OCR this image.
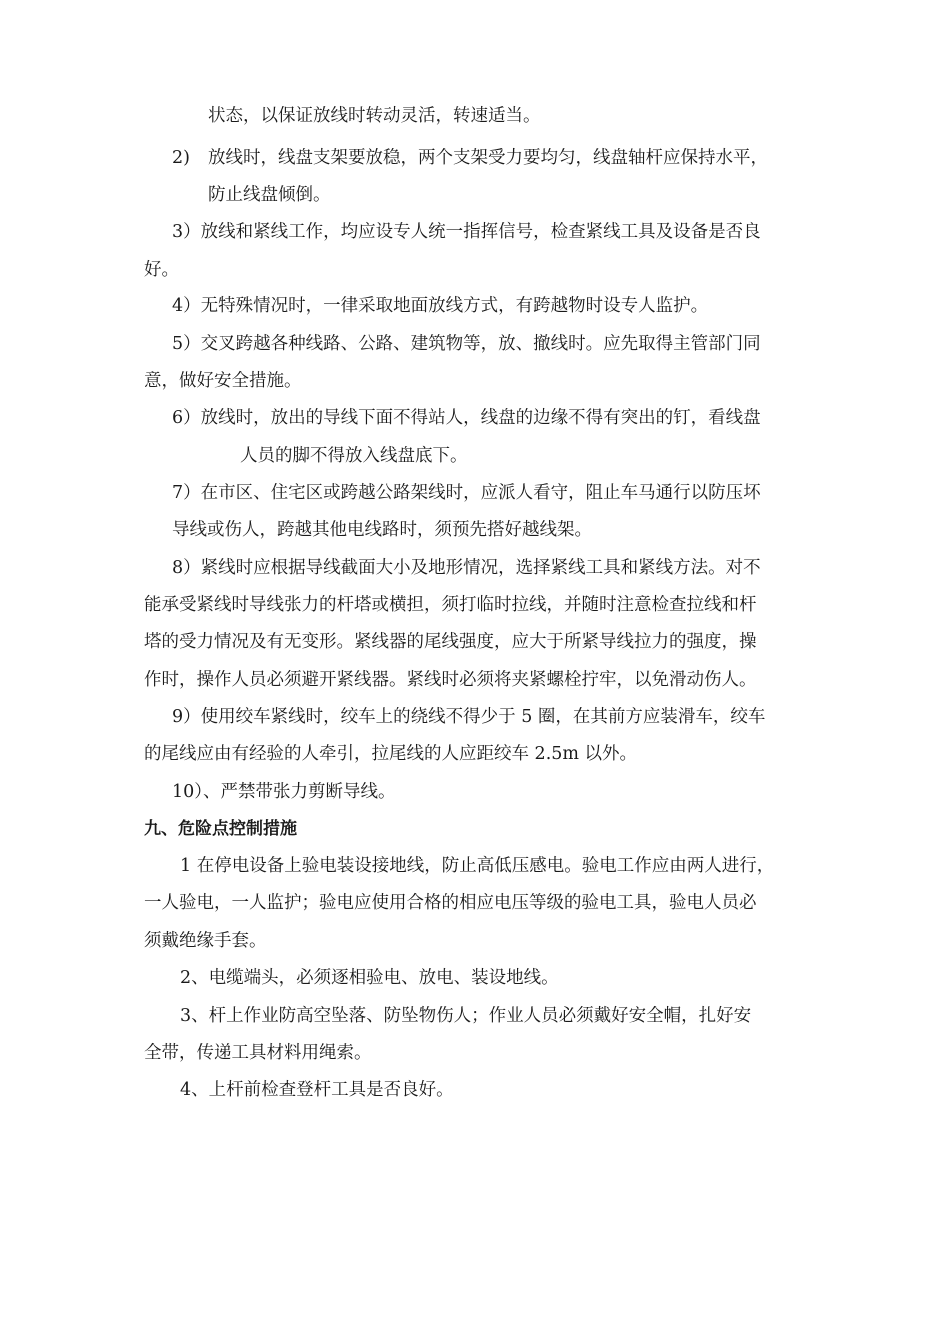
状态，以保证放线时转动灵活，转速适当。
2) 放线时，线盘支架要放稳，两个支架受力要均匀，线盘轴杆应保持水平，
防止线盘倾倒。
3）放线和紧线工作，均应设专人统一指挥信号，检查紧线工具及设备是否良
好。
4）无特殊情况时，一律采取地面放线方式，有跨越物时设专人监护。
5）交叉跨越各种线路、公路、建筑物等，放、撤线时。应先取得主管部门同
意，做好安全措施。
6）放线时，放出的导线下面不得站人，线盘的边缘不得有突出的钉，看线盘
人员的脚不得放入线盘底下。
7）在市区、住宅区或跨越公路架线时，应派人看守，阻止车马通行以防压坏
导线或伤人，跨越其他电线路时，须预先搭好越线架。
8）紧线时应根据导线截面大小及地形情况，选择紧线工具和紧线方法。对不
能承受紧线时导线张力的杆塔或横担，须打临时拉线，并随时注意检查拉线和杆
塔的受力情况及有无变形。紧线器的尾线强度，应大于所紧导线拉力的强度，操
作时，操作人员必须避开紧线器。紧线时必须将夹紧螺栓拧牢，以免滑动伤人。
9）使用绞车紧线时，绞车上的绕线不得少于 5 圈，在其前方应装滑车，绞车
的尾线应由有经验的人牵引，拉尾线的人应距绞车 2.5m 以外。
10）、严禁带张力剪断导线。
九、危险点控制措施
1 在停电设备上验电装设接地线，防止高低压感电。验电工作应由两人进行，
一人验电，一人监护；验电应使用合格的相应电压等级的验电工具，验电人员必
须戴绝缘手套。
2、电缆端头，必须逐相验电、放电、装设地线。
3、杆上作业防高空坠落、防坠物伤人；作业人员必须戴好安全帽，扎好安
全带，传递工具材料用绳索。
4、上杆前检查登杆工具是否良好。
